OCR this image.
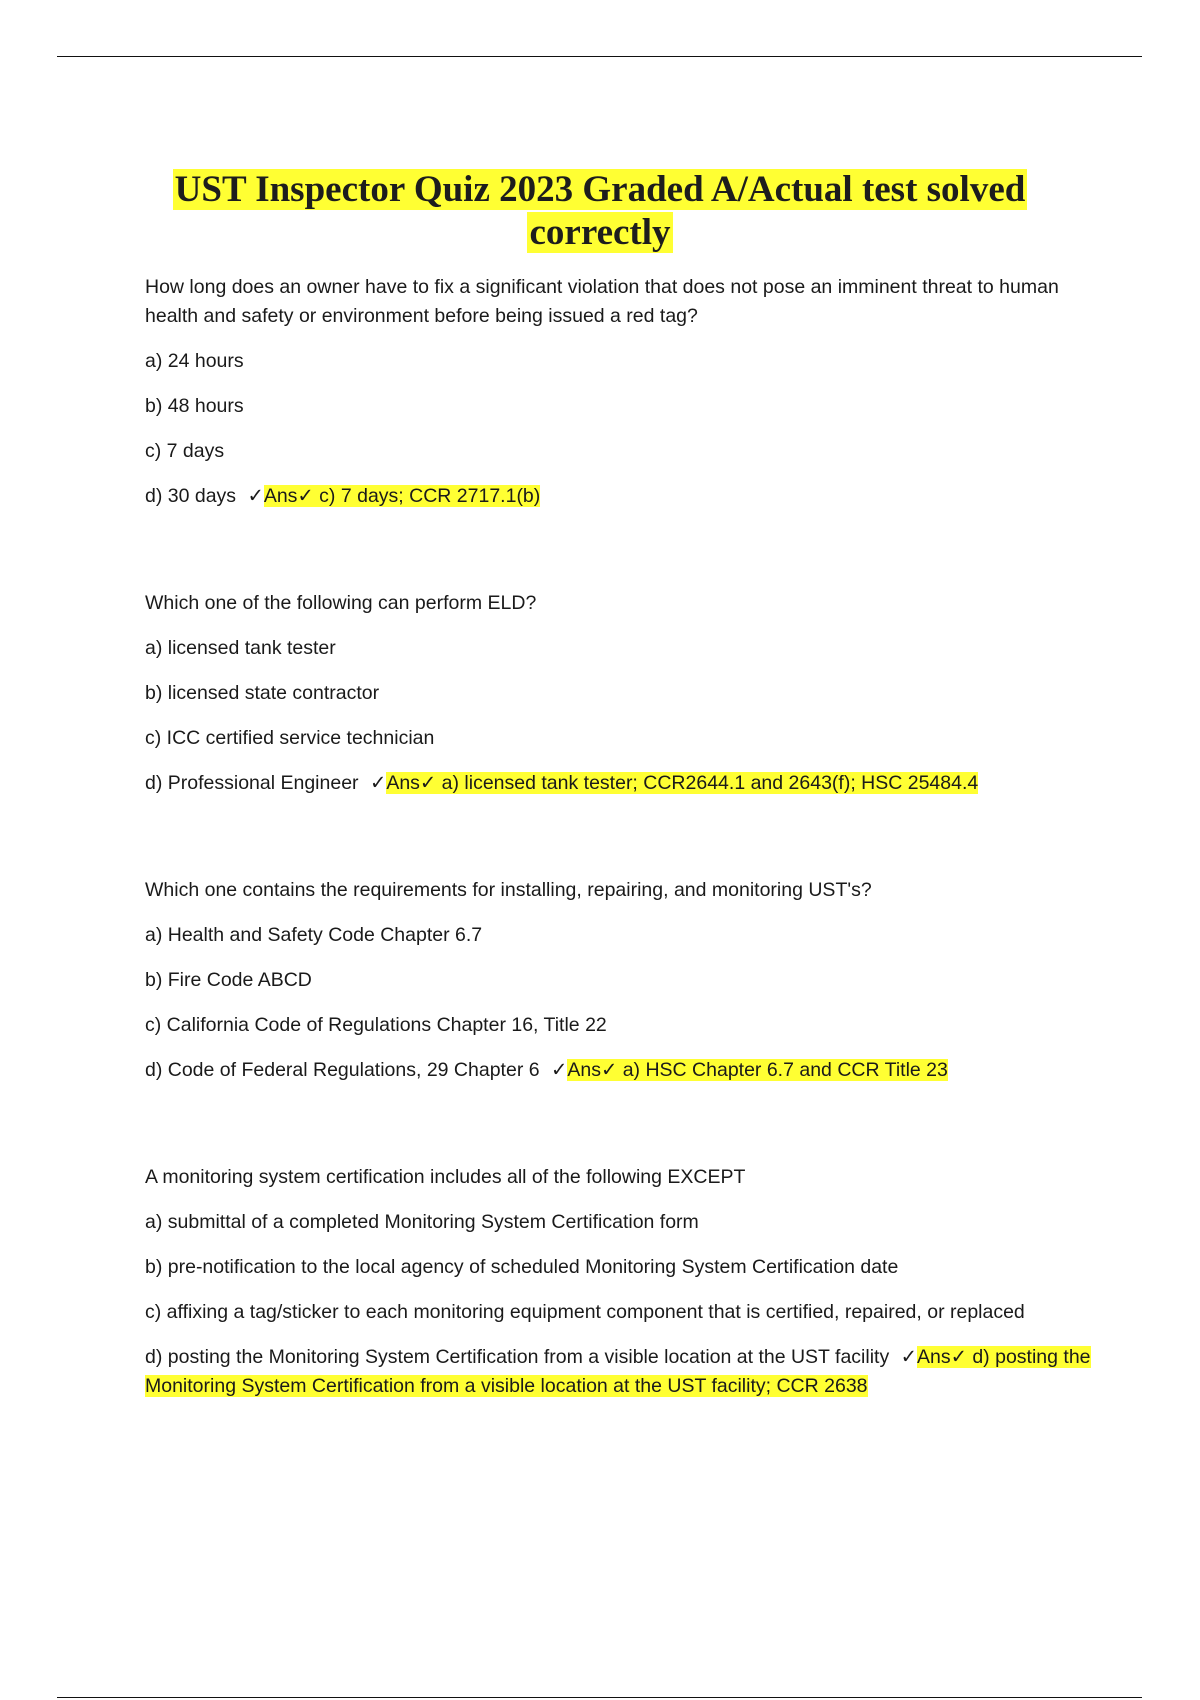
UST Inspector Quiz 2023 Graded A/Actual test solved correctly

How long does an owner have to fix a significant violation that does not pose an imminent threat to human health and safety or environment before being issued a red tag?

a) 24 hours

b) 48 hours

c) 7 days

d) 30 days ✓Ans✓ c) 7 days; CCR 2717.1(b)

Which one of the following can perform ELD?

a) licensed tank tester

b) licensed state contractor

c) ICC certified service technician

d) Professional Engineer ✓Ans✓ a) licensed tank tester; CCR2644.1 and 2643(f); HSC 25484.4

Which one contains the requirements for installing, repairing, and monitoring UST's?

a) Health and Safety Code Chapter 6.7

b) Fire Code ABCD

c) California Code of Regulations Chapter 16, Title 22

d) Code of Federal Regulations, 29 Chapter 6 ✓Ans✓ a) HSC Chapter 6.7 and CCR Title 23

A monitoring system certification includes all of the following EXCEPT

a) submittal of a completed Monitoring System Certification form

b) pre-notification to the local agency of scheduled Monitoring System Certification date

c) affixing a tag/sticker to each monitoring equipment component that is certified, repaired, or replaced

d) posting the Monitoring System Certification from a visible location at the UST facility ✓Ans✓ d) posting the Monitoring System Certification from a visible location at the UST facility; CCR 2638
